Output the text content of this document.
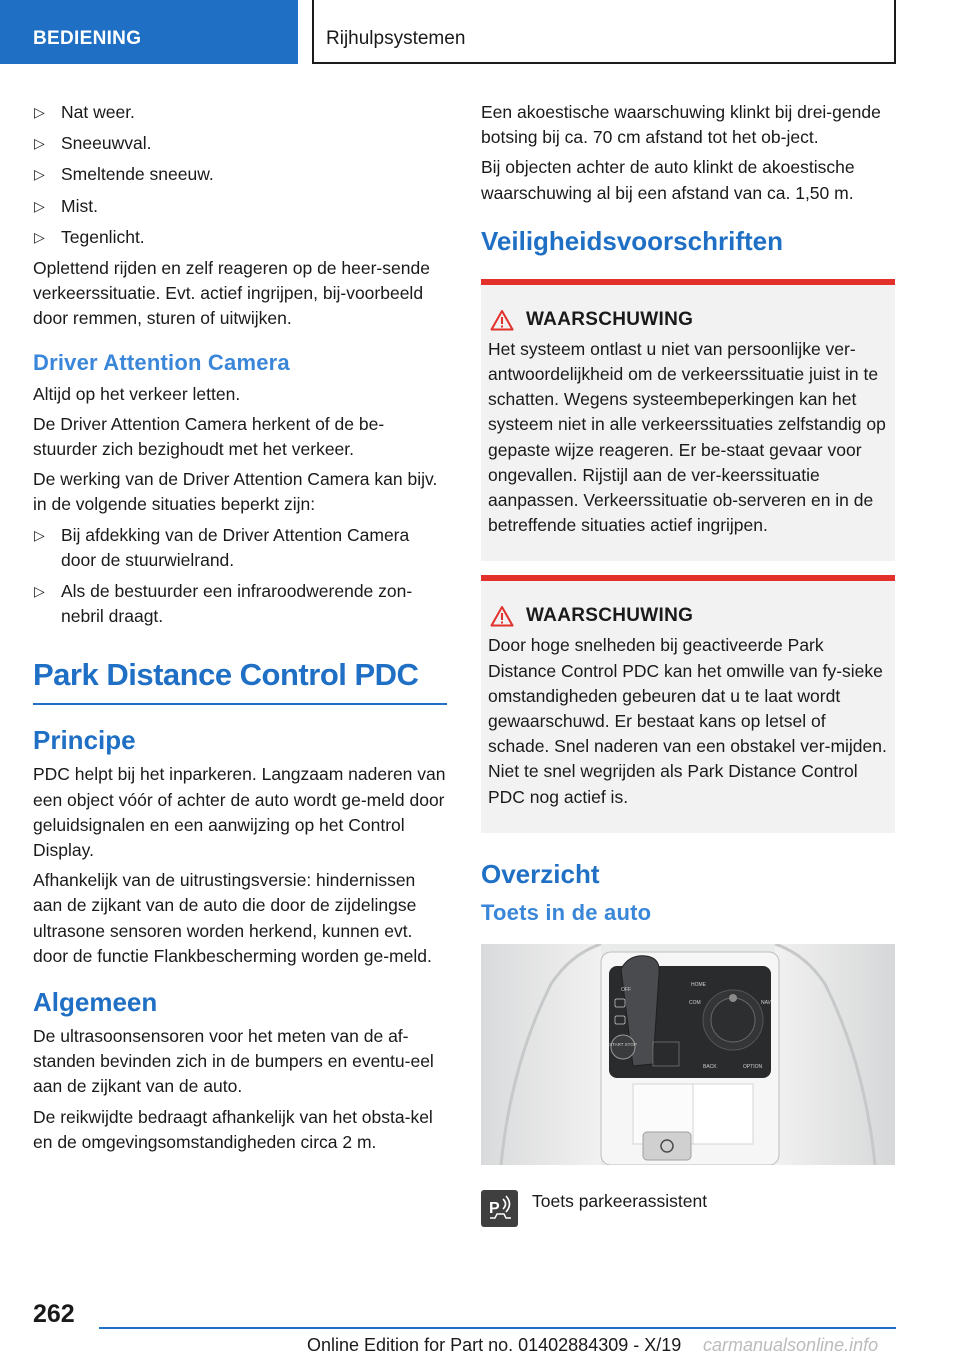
BEDIENING	Rijhulpsystemen
▷ Nat weer.
▷ Sneeuwval.
▷ Smeltende sneeuw.
▷ Mist.
▷ Tegenlicht.

Oplettend rijden en zelf reageren op de heer-sende verkeerssituatie. Evt. actief ingrijpen, bij-voorbeeld door remmen, sturen of uitwijken.

Driver Attention Camera

Altijd op het verkeer letten.

De Driver Attention Camera herkent of de be-stuurder zich bezighoudt met het verkeer.

De werking van de Driver Attention Camera kan bijv. in de volgende situaties beperkt zijn:

▷ Bij afdekking van de Driver Attention Camera door de stuurwielrand.
▷ Als de bestuurder een infraroodwerende zon-nebril draagt.
Park Distance Control PDC
Principe

PDC helpt bij het inparkeren. Langzaam naderen van een object vóór of achter de auto wordt ge-meld door geluidsignalen en een aanwijzing op het Control Display.

Afhankelijk van de uitrustingsversie: hindernissen aan de zijkant van de auto die door de zijdelingse ultrasone sensoren worden herkend, kunnen evt. door de functie Flankbescherming worden ge-meld.

Algemeen

De ultrasoonsensoren voor het meten van de af-standen bevinden zich in de bumpers en eventu-eel aan de zijkant van de auto.

De reikwijdte bedraagt afhankelijk van het obsta-kel en de omgevingsomstandigheden circa 2 m.

Een akoestische waarschuwing klinkt bij drei-gende botsing bij ca. 70 cm afstand tot het ob-ject.

Bij objecten achter de auto klinkt de akoestische waarschuwing al bij een afstand van ca. 1,50 m.

Veiligheidsvoorschriften
WAARSCHUWING

Het systeem ontlast u niet van persoonlijke ver-antwoordelijkheid om de verkeerssituatie juist in te schatten. Wegens systeembeperkingen kan het systeem niet in alle verkeerssituaties zelfstandig op gepaste wijze reageren. Er be-staat gevaar voor ongevallen. Rijstijl aan de ver-keerssituatie aanpassen. Verkeerssituatie ob-serveren en in de betreffende situaties actief ingrijpen.

WAARSCHUWING

Door hoge snelheden bij geactiveerde Park Distance Control PDC kan het omwille van fy-sieke omstandigheden gebeuren dat u te laat wordt gewaarschuwd. Er bestaat kans op letsel of schade. Snel naderen van een obstakel ver-mijden. Niet te snel wegrijden als Park Distance Control PDC nog actief is.

Overzicht
Toets in de auto
START STOP
OFF
HOME
COM	NAV
BACK	OPTION
P Toets parkeerassistent
262
Online Edition for Part no. 01402884309 - X/19 carmanualsonline.info
